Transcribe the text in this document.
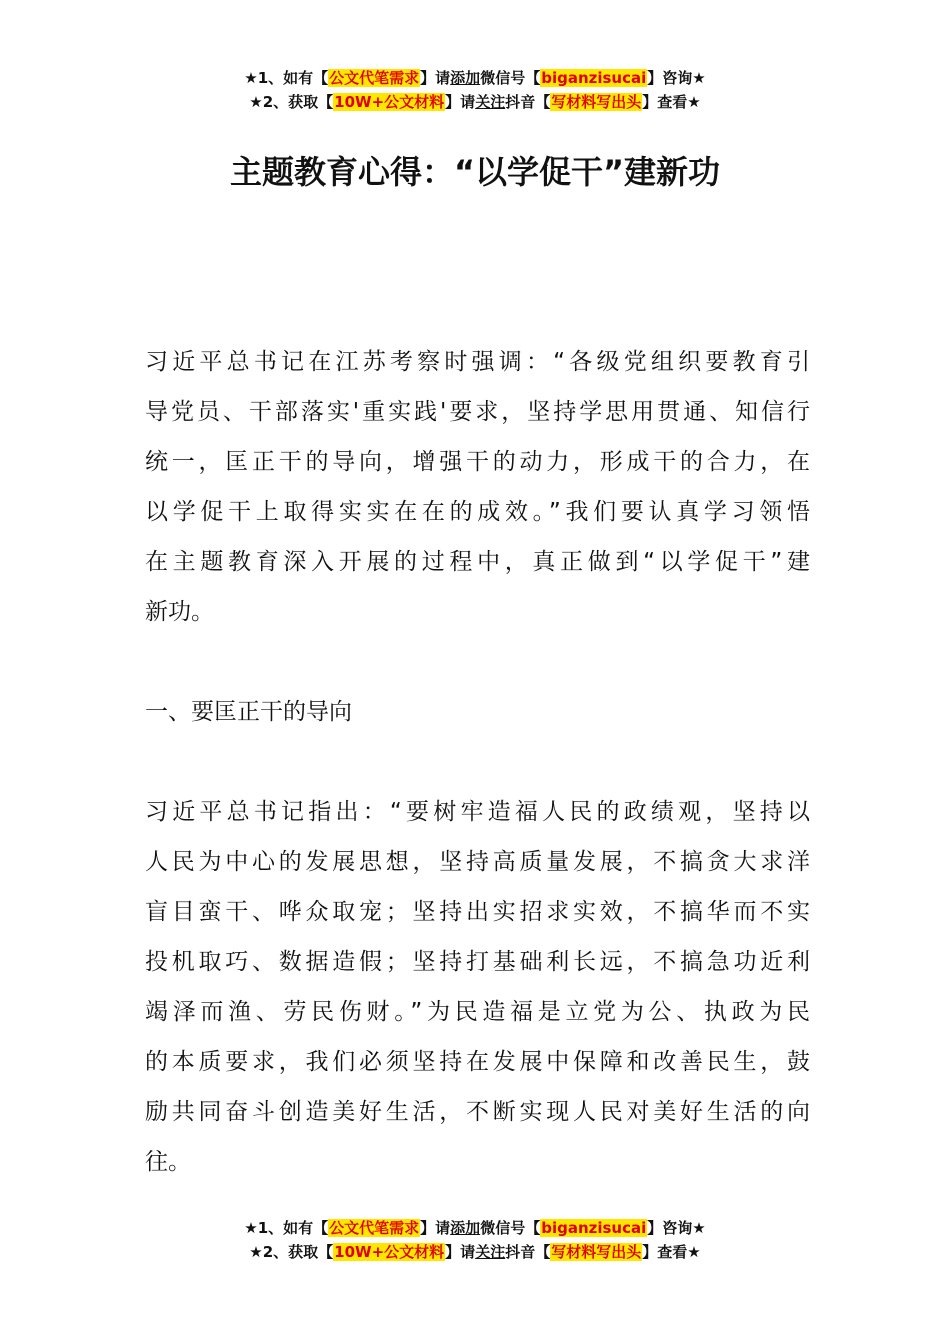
★1、如有【公文代笔需求】请添加微信号【biganzisucai】咨询★
★2、获取【10W+公文材料】请关注抖音【写材料写出头】查看★
主题教育心得：“以学促干”建新功
习近平总书记在江苏考察时强调：“各级党组织要教育引
导党员、干部落实'重实践'要求，坚持学思用贯通、知信行
统一，匡正干的导向，增强干的动力，形成干的合力，在
以学促干上取得实实在在的成效。”我们要认真学习领悟
在主题教育深入开展的过程中，真正做到“以学促干”建
新功。
一、要匡正干的导向
习近平总书记指出：“要树牢造福人民的政绩观，坚持以
人民为中心的发展思想，坚持高质量发展，不搞贪大求洋
盲目蛮干、哗众取宠；坚持出实招求实效，不搞华而不实
投机取巧、数据造假；坚持打基础利长远，不搞急功近利
竭泽而渔、劳民伤财。”为民造福是立党为公、执政为民
的本质要求，我们必须坚持在发展中保障和改善民生，鼓
励共同奋斗创造美好生活，不断实现人民对美好生活的向
往。
★1、如有【公文代笔需求】请添加微信号【biganzisucai】咨询★
★2、获取【10W+公文材料】请关注抖音【写材料写出头】查看★
